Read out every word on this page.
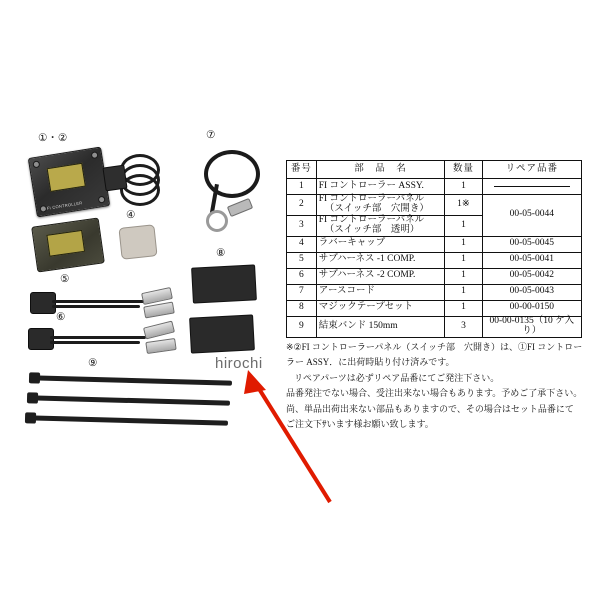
①・②
④
⑤
⑥
⑦
⑧
⑨
FI CONTROLLER
hirochi
番号	部　品　名	数量	リペア品番
1	FI コントローラー ASSY.	1	

2	FI コントローラーパネル
（スイッチ部　穴開き）	1※	00-05-0044
3	FI コントローラーパネル
（スイッチ部　透明）	1	
4	ラバーキャップ	1	00-05-0045
5	サブハーネス -1 COMP.	1	00-05-0041
6	サブハーネス -2 COMP.	1	00-05-0042
7	アースコード	1	00-05-0043
8	マジックテープセット	1	00-00-0150
9	結束バンド 150mm	3	00-00-0135（10 ケ入り）

※②FI コントローラーパネル（スイッチ部　穴開き）は、①FI コントロー

ラー ASSY．に出荷時貼り付け済みです。

リペアパーツは必ずリペア品番にてご発注下さい。

品番発注でない場合、受注出来ない場合もあります。予めご了承下さい。

尚、単品出荷出来ない部品もありますので、その場合はセット品番にて

ご注文下ｻいます様お願い致します。
